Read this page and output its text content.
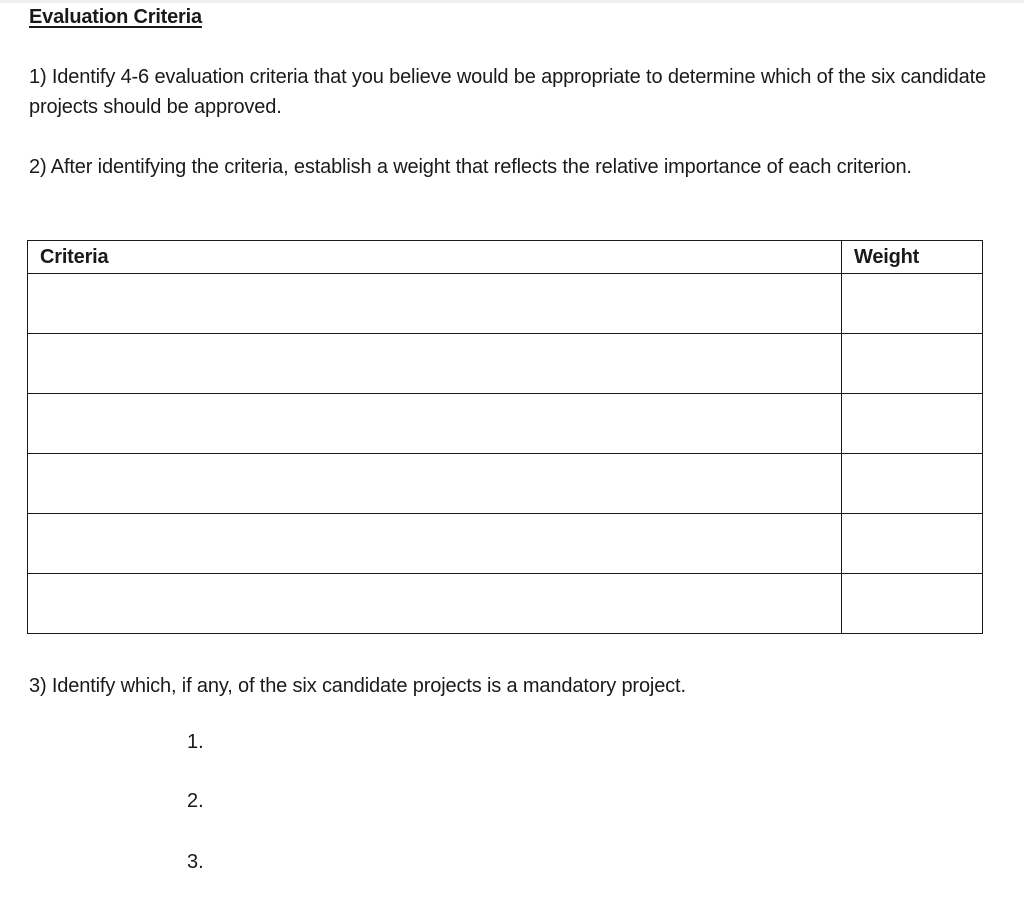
Evaluation Criteria
1) Identify 4-6 evaluation criteria that you believe would be appropriate to determine which of the six candidate projects should be approved.
2) After identifying the criteria, establish a weight that reflects the relative importance of each criterion.
Criteria	Weight

3) Identify which, if any, of the six candidate projects is a mandatory project.
1.
2.
3.
